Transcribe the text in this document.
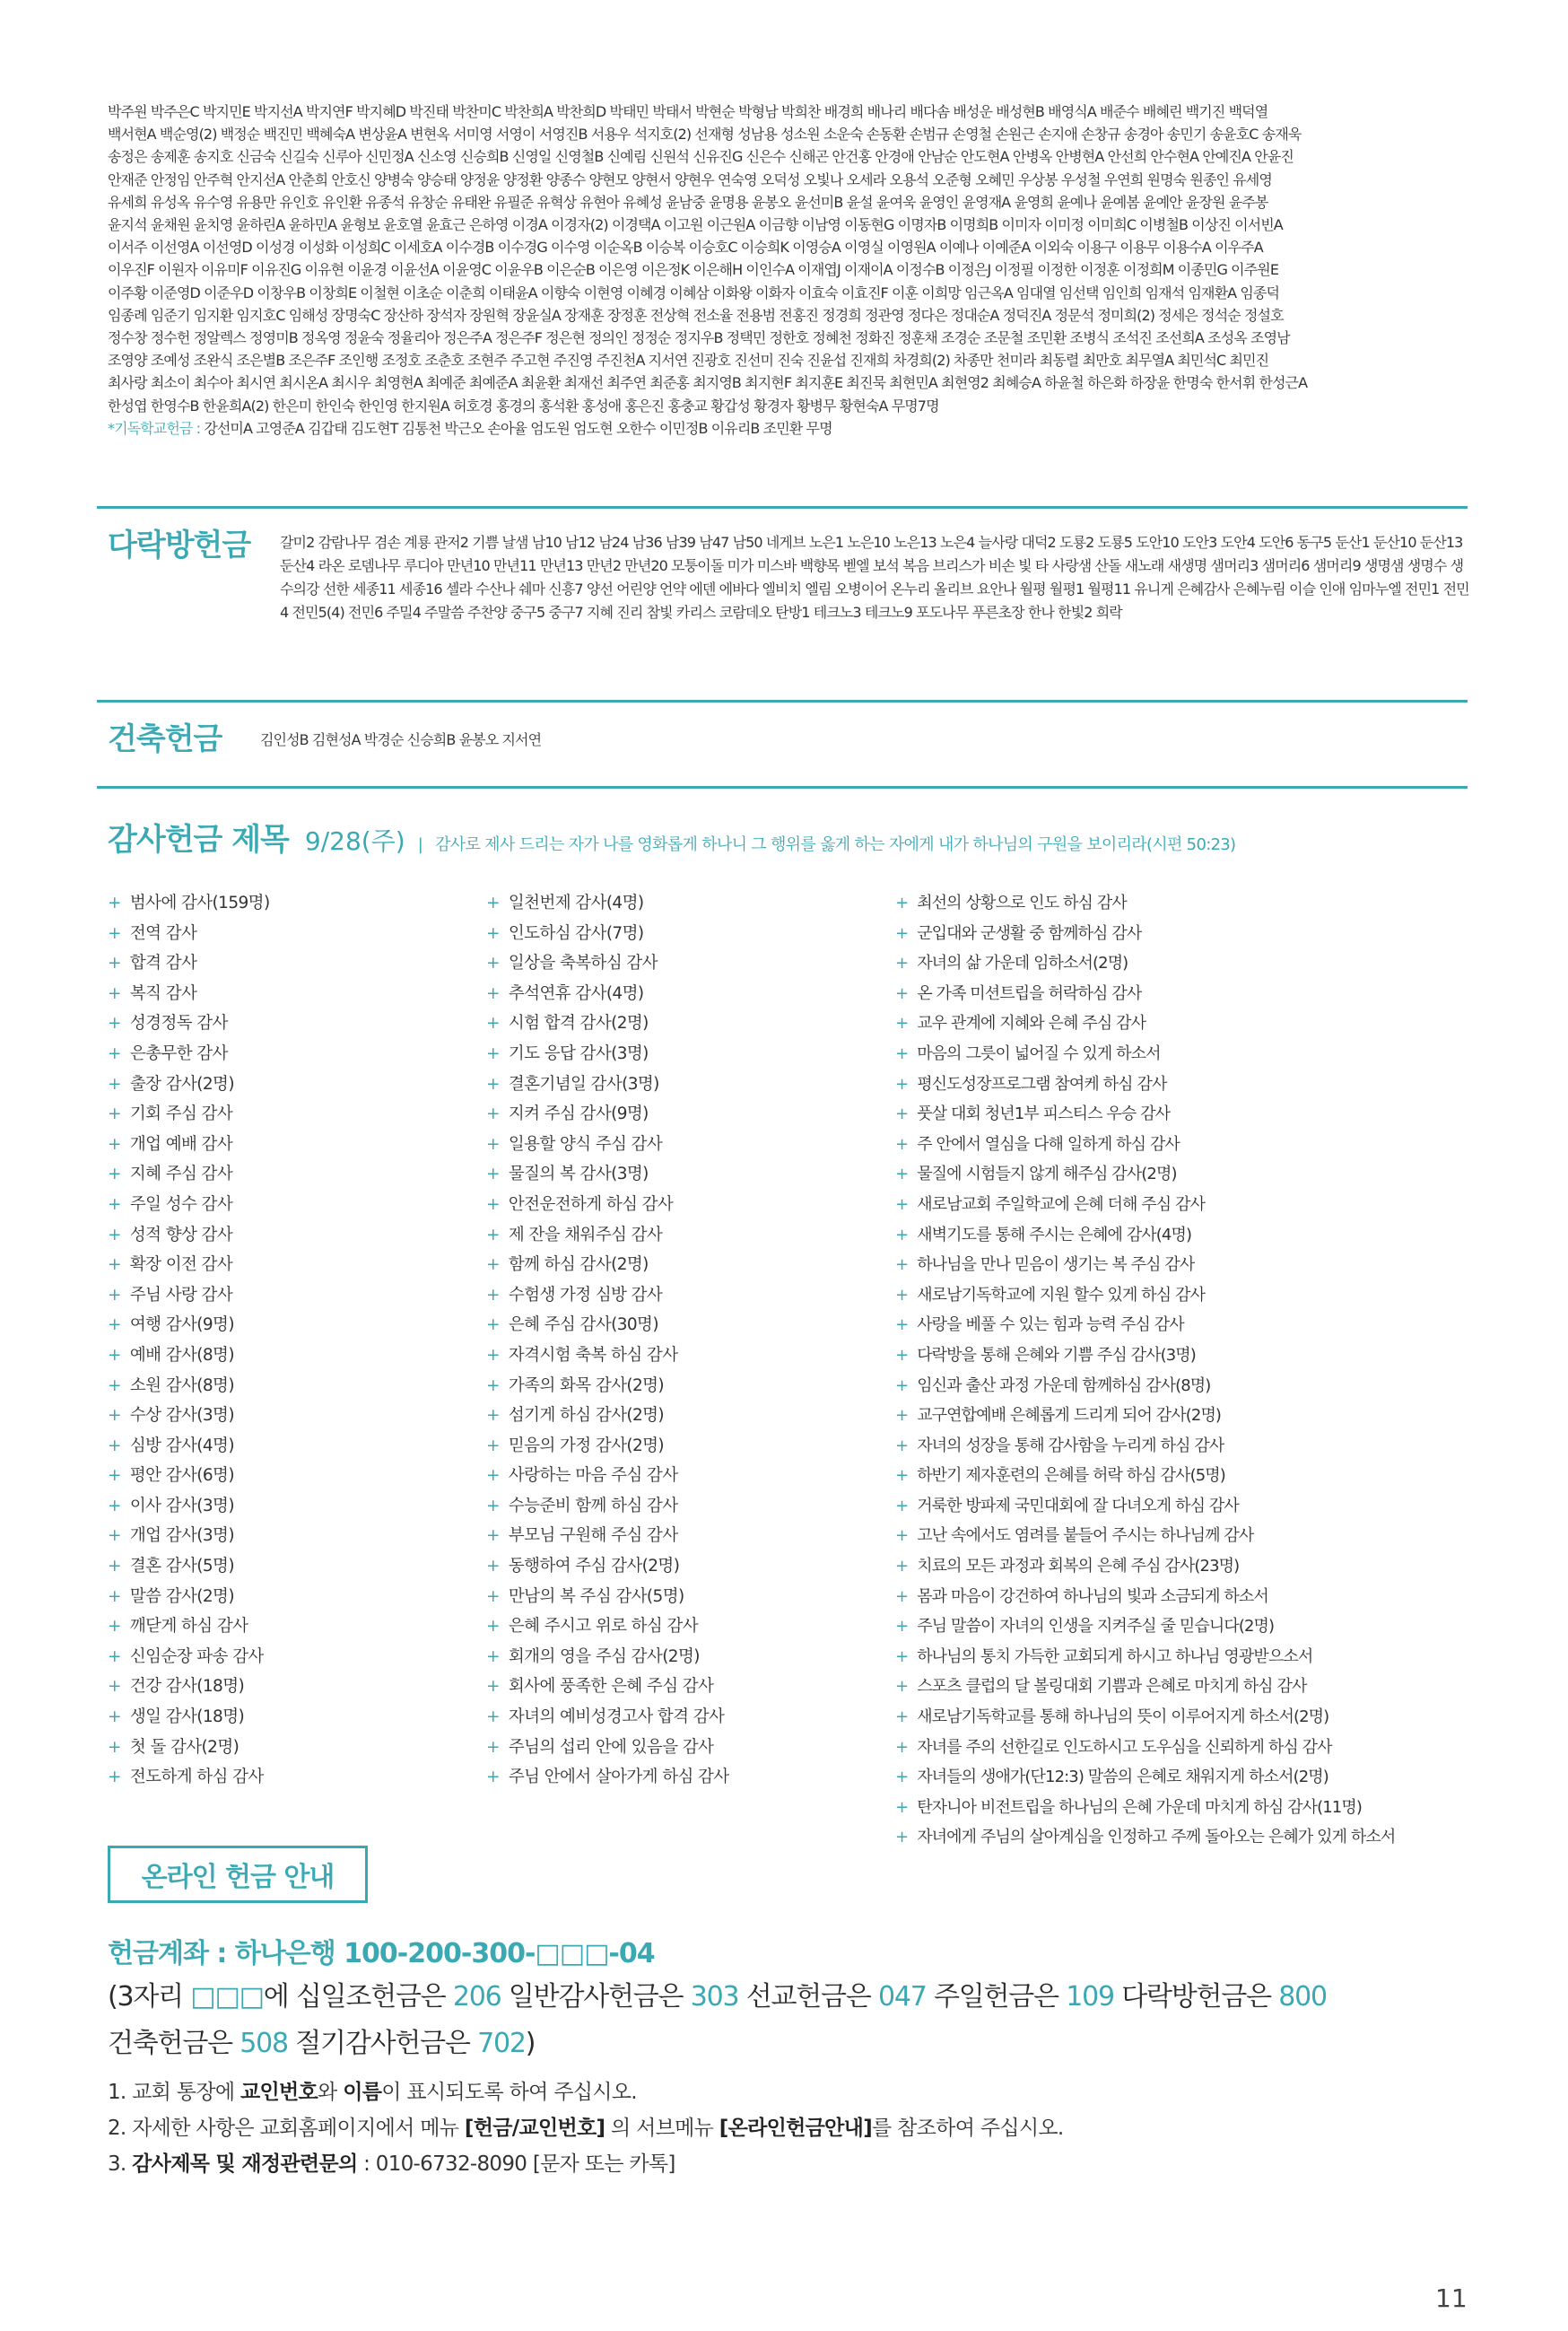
박주원 박주은C 박지민E 박지선A 박지연F 박지혜D 박진태 박찬미C 박찬희A 박찬희D 박태민 박태서 박현순 박형남 박희찬 배경희 배나리 배다솜 배성운 배성현B 배영식A 배준수 배혜린 백기진 백덕열

백서현A 백순영(2) 백정순 백진민 백혜숙A 변상윤A 변현옥 서미영 서영이 서영진B 서용우 석지호(2) 선재형 성남용 성소원 소운숙 손동환 손범규 손영철 손원근 손지애 손창규 송경아 송민기 송윤호C 송재욱

송정은 송제훈 송지호 신금숙 신길숙 신루아 신민정A 신소영 신승희B 신영일 신영철B 신예림 신원석 신유진G 신은수 신해곤 안건홍 안경애 안남순 안도현A 안병옥 안병현A 안선희 안수현A 안예진A 안윤진

안재준 안정임 안주혁 안지선A 안춘희 안호신 양병숙 양승태 양정윤 양정환 양종수 양현모 양현서 양현우 연숙영 오덕성 오빛나 오세라 오용석 오준형 오혜민 우상봉 우성철 우연희 원명숙 원종인 유세영

유세희 유성옥 유수영 유용만 유인호 유인환 유종석 유창순 유태완 유필준 유혁상 유현아 유혜성 윤남중 윤명용 윤봉오 윤선미B 윤설 윤여욱 윤영인 윤영재A 윤영희 윤예나 윤예봄 윤예안 윤장원 윤주봉

윤지석 윤채원 윤치영 윤하린A 윤하민A 윤형보 윤호열 윤효근 은하영 이경A 이경자(2) 이경택A 이고원 이근원A 이금향 이남영 이동현G 이명자B 이명희B 이미자 이미정 이미희C 이병철B 이상진 이서빈A

이서주 이선영A 이선영D 이성경 이성화 이성희C 이세호A 이수경B 이수경G 이수영 이순옥B 이승복 이승호C 이승희K 이영승A 이영실 이영원A 이예나 이예준A 이외숙 이용구 이용무 이용수A 이우주A

이우진F 이원자 이유미F 이유진G 이유현 이윤경 이윤선A 이윤영C 이윤우B 이은순B 이은영 이은정K 이은해H 이인수A 이재엽J 이재이A 이정수B 이정은J 이정필 이정한 이정훈 이정희M 이종민G 이주원E

이주황 이준영D 이준우D 이창우B 이창희E 이철현 이초순 이춘희 이태윤A 이향숙 이현영 이혜경 이혜삼 이화왕 이화자 이효숙 이효진F 이훈 이희망 임근옥A 임대열 임선택 임인희 임재석 임재환A 임종덕

임종례 임준기 임지환 임지호C 임해성 장명숙C 장산하 장석자 장원혁 장윤실A 장재훈 장정훈 전상혁 전소율 전용범 전홍진 정경희 정관영 정다은 정대순A 정덕진A 정문석 정미희(2) 정세은 정석순 정설호

정수창 정수헌 정알렉스 정영미B 정옥영 정윤숙 정율리아 정은주A 정은주F 정은현 정의인 정정순 정지우B 정택민 정한호 정혜천 정화진 정훈채 조경순 조문철 조민환 조병식 조석진 조선희A 조성옥 조영남

조영양 조예성 조완식 조은별B 조은주F 조인행 조정호 조춘호 조현주 주고현 주진영 주진천A 지서연 진광호 진선미 진숙 진윤섭 진재희 차경희(2) 차종만 천미라 최동렬 최만호 최무열A 최민석C 최민진

최사랑 최소이 최수아 최시연 최시온A 최시우 최영현A 최예준 최예준A 최윤환 최재선 최주연 최준홍 최지영B 최지현F 최지훈E 최진묵 최현민A 최현영2 최혜승A 하윤철 하은화 하장윤 한명숙 한서휘 한성근A

한성엽 한영수B 한윤희A(2) 한은미 한인숙 한인영 한지원A 허호경 홍경의 홍석환 홍성애 홍은진 홍충교 황갑성 황경자 황병무 황현숙A 무명7명

*기독학교헌금 : 강선미A 고영준A 김갑태 김도현T 김통천 박근오 손아율 엄도원 엄도현 오한수 이민정B 이유리B 조민환 무명

다락방헌금 갈미2 감람나무 겸손 계룡 관저2 기쁨 날샘 남10 남12 남24 남36 남39 남47 남50 네게브 노은1 노은10 노은13 노은4 늘사랑 대덕2 도룡2 도룡5 도안10 도안3 도안4 도안6 동구5 둔산1 둔산10 둔산13 둔산4 라온 로뎀나무 루디아 만년10 만년11 만년13 만년2 만년20 모퉁이돌 미가 미스바 백향목 벧엘 보석 복음 브리스가 비손 빛 타 사랑샘 산돌 새노래 새생명 샘머리3 샘머리6 샘머리9 생명샘 생명수 생수의강 선한 세종11 세종16 셀라 수산나 쉐마 신흥7 양선 어린양 언약 에덴 에바다 엘비치 엘림 오병이어 온누리 올리브 요안나 월평 월평1 월평11 유니게 은혜감사 은혜누림 이슬 인애 임마누엘 전민1 전민4 전민5(4) 전민6 주밀4 주말씀 주찬양 중구5 중구7 지혜 진리 참빛 카리스 코람데오 탄방1 테크노3 테크노9 포도나무 푸른초장 한나 한빛2 희락
건축헌금	김인성B 김현성A 박경순 신승희B 윤봉오 지서연
감사헌금 제목 9/28(주) | 감사로 제사 드리는 자가 나를 영화롭게 하나니 그 행위를 옳게 하는 자에게 내가 하나님의 구원을 보이리라(시편 50:23)
+ 범사에 감사(159명)
+ 전역 감사
+ 합격 감사
+ 복직 감사
+ 성경정독 감사
+ 은총무한 감사
+ 출장 감사(2명)
+ 기회 주심 감사
+ 개업 예배 감사
+ 지혜 주심 감사
+ 주일 성수 감사
+ 성적 향상 감사
+ 확장 이전 감사
+ 주님 사랑 감사
+ 여행 감사(9명)
+ 예배 감사(8명)
+ 소원 감사(8명)
+ 수상 감사(3명)
+ 심방 감사(4명)
+ 평안 감사(6명)
+ 이사 감사(3명)
+ 개업 감사(3명)
+ 결혼 감사(5명)
+ 말씀 감사(2명)
+ 깨닫게 하심 감사
+ 신임순장 파송 감사
+ 건강 감사(18명)
+ 생일 감사(18명)
+ 첫 돌 감사(2명)
+ 전도하게 하심 감사
+ 일천번제 감사(4명)
+ 인도하심 감사(7명)
+ 일상을 축복하심 감사
+ 추석연휴 감사(4명)
+ 시험 합격 감사(2명)
+ 기도 응답 감사(3명)
+ 결혼기념일 감사(3명)
+ 지켜 주심 감사(9명)
+ 일용할 양식 주심 감사
+ 물질의 복 감사(3명)
+ 안전운전하게 하심 감사
+ 제 잔을 채워주심 감사
+ 함께 하심 감사(2명)
+ 수험생 가정 심방 감사
+ 은혜 주심 감사(30명)
+ 자격시험 축복 하심 감사
+ 가족의 화목 감사(2명)
+ 섬기게 하심 감사(2명)
+ 믿음의 가정 감사(2명)
+ 사랑하는 마음 주심 감사
+ 수능준비 함께 하심 감사
+ 부모님 구원해 주심 감사
+ 동행하여 주심 감사(2명)
+ 만남의 복 주심 감사(5명)
+ 은혜 주시고 위로 하심 감사
+ 회개의 영을 주심 감사(2명)
+ 회사에 풍족한 은혜 주심 감사
+ 자녀의 예비성경고사 합격 감사
+ 주님의 섭리 안에 있음을 감사
+ 주님 안에서 살아가게 하심 감사
+ 최선의 상황으로 인도 하심 감사
+ 군입대와 군생활 중 함께하심 감사
+ 자녀의 삶 가운데 임하소서(2명)
+ 온 가족 미션트립을 허락하심 감사
+ 교우 관계에 지혜와 은혜 주심 감사
+ 마음의 그릇이 넓어질 수 있게 하소서
+ 평신도성장프로그램 참여케 하심 감사
+ 풋살 대회 청년1부 피스티스 우승 감사
+ 주 안에서 열심을 다해 일하게 하심 감사
+ 물질에 시험들지 않게 해주심 감사(2명)
+ 새로남교회 주일학교에 은혜 더해 주심 감사
+ 새벽기도를 통해 주시는 은혜에 감사(4명)
+ 하나님을 만나 믿음이 생기는 복 주심 감사
+ 새로남기독학교에 지원 할수 있게 하심 감사
+ 사랑을 베풀 수 있는 힘과 능력 주심 감사
+ 다락방을 통해 은혜와 기쁨 주심 감사(3명)
+ 임신과 출산 과정 가운데 함께하심 감사(8명)
+ 교구연합예배 은혜롭게 드리게 되어 감사(2명)
+ 자녀의 성장을 통해 감사함을 누리게 하심 감사
+ 하반기 제자훈련의 은혜를 허락 하심 감사(5명)
+ 거룩한 방파제 국민대회에 잘 다녀오게 하심 감사
+ 고난 속에서도 염려를 붙들어 주시는 하나님께 감사
+ 치료의 모든 과정과 회복의 은혜 주심 감사(23명)
+ 몸과 마음이 강건하여 하나님의 빛과 소금되게 하소서
+ 주님 말씀이 자녀의 인생을 지켜주실 줄 믿습니다(2명)
+ 하나님의 통치 가득한 교회되게 하시고 하나님 영광받으소서
+ 스포츠 클럽의 달 볼링대회 기쁨과 은혜로 마치게 하심 감사
+ 새로남기독학교를 통해 하나님의 뜻이 이루어지게 하소서(2명)
+ 자녀를 주의 선한길로 인도하시고 도우심을 신뢰하게 하심 감사
+ 자녀들의 생애가(단12:3) 말씀의 은혜로 채워지게 하소서(2명)
+ 탄자니아 비전트립을 하나님의 은혜 가운데 마치게 하심 감사(11명)
+ 자녀에게 주님의 살아계심을 인정하고 주께 돌아오는 은혜가 있게 하소서
온라인 헌금 안내
헌금계좌 : 하나은행 100-200-300-□□□-04
(3자리 □□□에 십일조헌금은 206 일반감사헌금은 303 선교헌금은 047 주일헌금은 109 다락방헌금은 800
건축헌금은 508 절기감사헌금은 702)

1. 교회 통장에 교인번호와 이름이 표시되도록 하여 주십시오.

2. 자세한 사항은 교회홈페이지에서 메뉴 [헌금/교인번호] 의 서브메뉴 [온라인헌금안내]를 참조하여 주십시오.

3. 감사제목 및 재정관련문의 : 010-6732-8090 [문자 또는 카톡]

11
